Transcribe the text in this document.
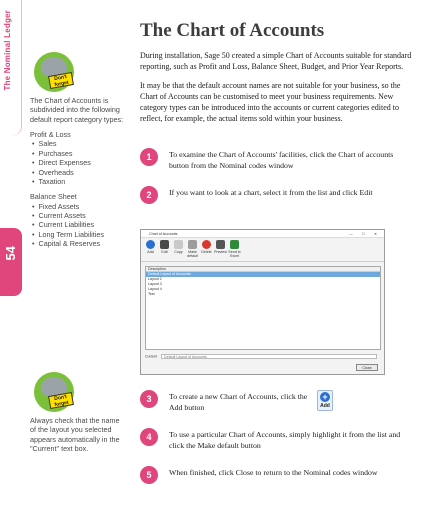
The Nominal Ledger
54
Don't forget

The Chart of Accounts is subdivided into the following default report category types:

Profit & Loss

• Sales
• Purchases
• Direct Expenses
• Overheads
• Taxation

Balance Sheet

• Fixed Assets
• Current Assets
• Current Liabilities
• Long Term Liabilities
• Capital & Reserves
Don't forget

Always check that the name of the layout you selected appears automatically in the "Current" text box.

The Chart of Accounts

During installation, Sage 50 created a simple Chart of Accounts suitable for standard reporting, such as Profit and Loss, Balance Sheet, Budget, and Prior Year Reports.

It may be that the default account names are not suitable for your business, so the Chart of Accounts can be customised to meet your business requirements. New category types can be introduced into the accounts or current categories edited to reflect, for example, the actual items sold within your business.

1	To examine the Chart of Accounts' facilities, click the Chart of accounts button from the Nominal codes window
2	If you want to look at a chart, select it from the list and click Edit
Chart of Accounts	— ☐ ✕
Add	Edit	Copy	Make default
Delete Preview Send to Excel
Description
Default Layout of Accounts
Layout 2
Layout 3
Layout 4
Test
Current Default Layout of Accounts
Close
3	To create a new Chart of Accounts, click the Add button
+
Add
4	To use a particular Chart of Accounts, simply highlight it from the list and click the Make default button
5	When finished, click Close to return to the Nominal codes window
